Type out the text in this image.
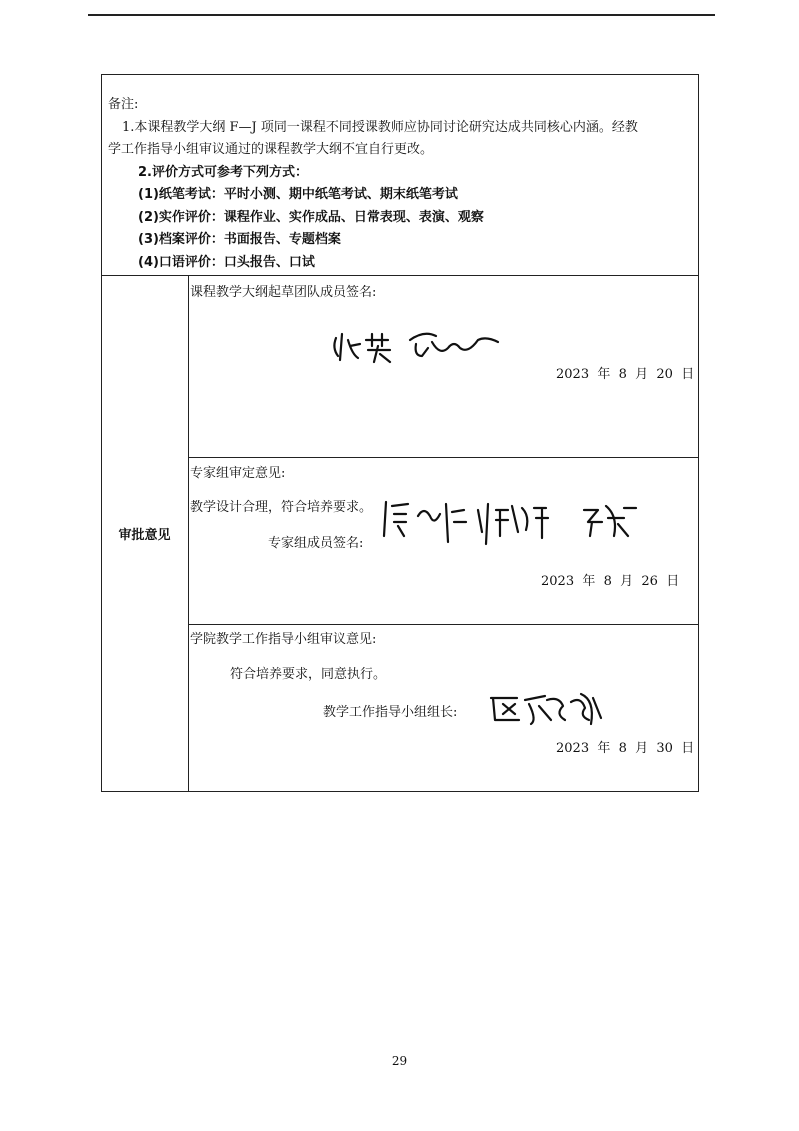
备注:

1.本课程教学大纲 F—J 项同一课程不同授课教师应协同讨论研究达成共同核心内涵。经教

学工作指导小组审议通过的课程教学大纲不宜自行更改。

2.评价方式可参考下列方式：

(1)纸笔考试：平时小测、期中纸笔考试、期末纸笔考试

(2)实作评价：课程作业、实作成品、日常表现、表演、观察

(3)档案评价：书面报告、专题档案

(4)口语评价：口头报告、口试

审批意见
课程教学大纲起草团队成员签名:
2023  年  8  月  20  日
专家组审定意见:
教学设计合理，符合培养要求。
专家组成员签名:
2023  年  8  月  26  日
学院教学工作指导小组审议意见:
符合培养要求，同意执行。
教学工作指导小组组长:
2023  年  8  月  30  日
29
